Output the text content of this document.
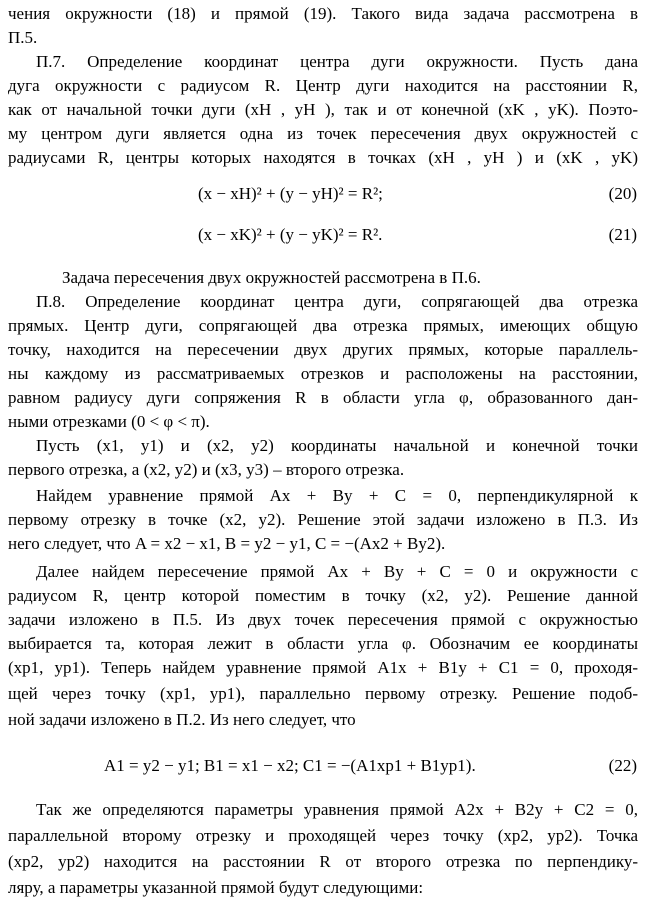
чения окружности (18) и прямой (19). Такого вида задача рассмотрена в
П.5.
П.7. Определение координат центра дуги окружности. Пусть дана
дуга окружности с радиусом R. Центр дуги находится на расстоянии R,
как от начальной точки дуги (xH , yH ), так и от конечной (xK , yK). Поэто-
му центром дуги является одна из точек пересечения двух окружностей с
радиусами R, центры которых находятся в точках (xH , yH ) и (xK , yK)
(x − xH)² + (y − yH)² = R²;	(20)
(x − xK)² + (y − yK)² = R².	(21)
Задача пересечения двух окружностей рассмотрена в П.6.
П.8. Определение координат центра дуги, сопрягающей два отрезка
прямых. Центр дуги, сопрягающей два отрезка прямых, имеющих общую
точку, находится на пересечении двух других прямых, которые параллель-
ны каждому из рассматриваемых отрезков и расположены на расстоянии,
равном радиусу дуги сопряжения R в области угла φ, образованного дан-
ными отрезками (0 < φ < π).
Пусть (x1, y1) и (x2, y2) координаты начальной и конечной точки
первого отрезка, а (x2, y2) и (x3, y3) – второго отрезка.
Найдем уравнение прямой Ax + By + C = 0, перпендикулярной к
первому отрезку в точке (x2, y2). Решение этой задачи изложено в П.3. Из
него следует, что A = x2 − x1, B = y2 − y1, C = −(Ax2 + By2).
Далее найдем пересечение прямой Ax + By + C = 0 и окружности с
радиусом R, центр которой поместим в точку (x2, y2). Решение данной
задачи изложено в П.5. Из двух точек пересечения прямой с окружностью
выбирается та, которая лежит в области угла φ. Обозначим ее координаты
(xp1, yp1). Теперь найдем уравнение прямой A1x + B1y + C1 = 0, проходя-
щей через точку (xp1, yp1), параллельно первому отрезку. Решение подоб-
ной задачи изложено в П.2. Из него следует, что
A1 = y2 − y1; B1 = x1 − x2; C1 = −(A1xp1 + B1yp1).	(22)
Так же определяются параметры уравнения прямой A2x + B2y + C2 = 0,
параллельной второму отрезку и проходящей через точку (xp2, yp2). Точка
(xp2, yp2) находится на расстоянии R от второго отрезка по перпендику-
ляру, а параметры указанной прямой будут следующими:
